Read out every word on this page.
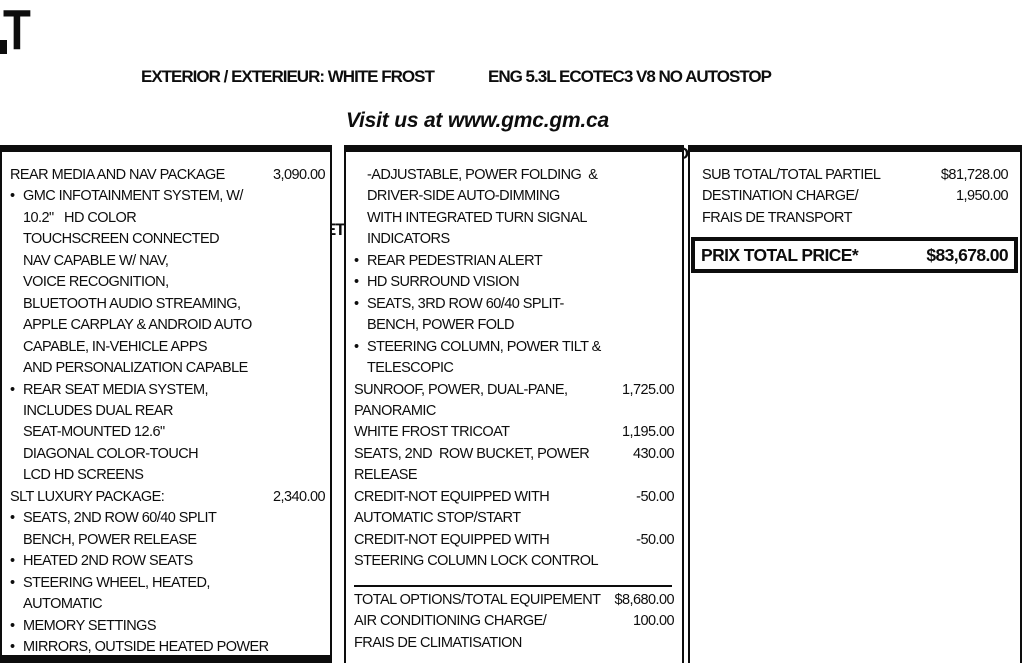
T

EXTERIOR / EXTERIEUR: WHITE FROST

	ENG 5.3L ECOTEC3 V8 NO AUTOSTOP

Visit us at www.gmc.gm.ca
REAR MEDIA AND NAV PACKAGE	3,090.00
• GMC INFOTAINMENT SYSTEM, W/
10.2"   HD COLOR
TOUCHSCREEN CONNECTED
NAV CAPABLE W/ NAV,
VOICE RECOGNITION,
BLUETOOTH AUDIO STREAMING,
APPLE CARPLAY & ANDROID AUTO
CAPABLE, IN-VEHICLE APPS
AND PERSONALIZATION CAPABLE
• REAR SEAT MEDIA SYSTEM,
INCLUDES DUAL REAR
SEAT-MOUNTED 12.6"
DIAGONAL COLOR-TOUCH
LCD HD SCREENS
SLT LUXURY PACKAGE:	2,340.00
• SEATS, 2ND ROW 60/40 SPLIT
BENCH, POWER RELEASE
• HEATED 2ND ROW SEATS
• STEERING WHEEL, HEATED,
AUTOMATIC
• MEMORY SETTINGS
• MIRRORS, OUTSIDE HEATED POWER
-ADJUSTABLE, POWER FOLDING  &
DRIVER-SIDE AUTO-DIMMING
WITH INTEGRATED TURN SIGNAL
INDICATORS
• REAR PEDESTRIAN ALERT
• HD SURROUND VISION
• SEATS, 3RD ROW 60/40 SPLIT-
BENCH, POWER FOLD
• STEERING COLUMN, POWER TILT &
TELESCOPIC
SUNROOF, POWER, DUAL-PANE,	1,725.00
PANORAMIC
WHITE FROST TRICOAT	1,195.00
SEATS, 2ND  ROW BUCKET, POWER	430.00
RELEASE
CREDIT-NOT EQUIPPED WITH	-50.00
AUTOMATIC STOP/START
CREDIT-NOT EQUIPPED WITH	-50.00
STEERING COLUMN LOCK CONTROL
TOTAL OPTIONS/TOTAL EQUIPEMENT $8,680.00
AIR CONDITIONING CHARGE/	100.00
FRAIS DE CLIMATISATION
SUB TOTAL/TOTAL PARTIEL	$81,728.00
DESTINATION CHARGE/	1,950.00
FRAIS DE TRANSPORT
PRIX TOTAL PRICE*	$83,678.00
